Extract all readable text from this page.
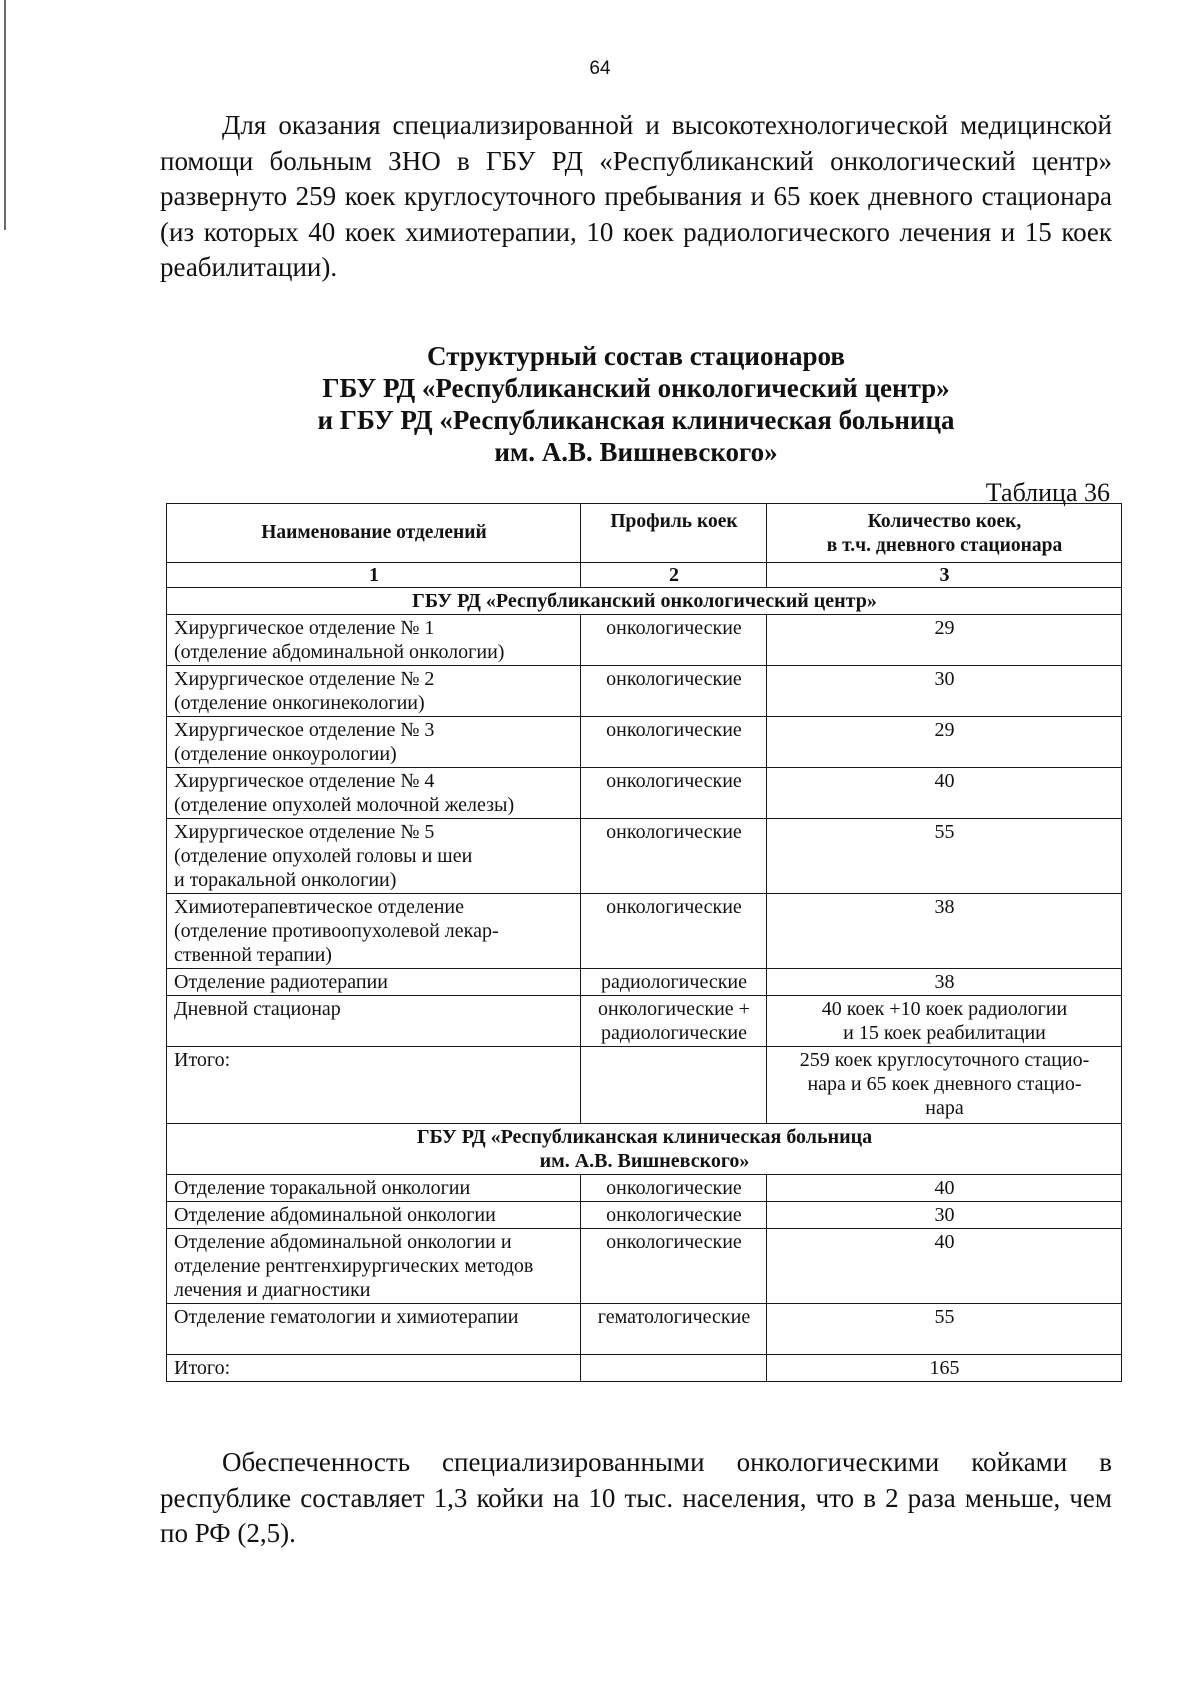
64

Для оказания специализированной и высокотехнологической медицинской помощи больным ЗНО в ГБУ РД «Республиканский онкологический центр» развернуто 259 коек круглосуточного пребывания и 65 коек дневного стационара (из которых 40 коек химиотерапии, 10 коек радиологического лечения и 15 коек реабилитации).

Структурный состав стационаров
ГБУ РД «Республиканский онкологический центр»
и ГБУ РД «Республиканская клиническая больница
им. А.В. Вишневского»
Таблица 36
Наименование отделений	Профиль коек	Количество коек,
в т.ч. дневного стационара

1	2	3

ГБУ РД «Республиканский онкологический центр»		

Хирургическое отделение № 1
(отделение абдоминальной онкологии)	онкологические	29

Хирургическое отделение № 2
(отделение онкогинекологии)	онкологические	30

Хирургическое отделение № 3
(отделение онкоурологии)	онкологические	29

Хирургическое отделение № 4
(отделение опухолей молочной железы)	онкологические	40

Хирургическое отделение № 5
(отделение опухолей головы и шеи
и торакальной онкологии)	онкологические	55

Химиотерапевтическое отделение
(отделение противоопухолевой лекар-
ственной терапии)	онкологические	38

Отделение радиотерапии	радиологические	38

Дневной стационар	онкологические +
радиологические	40 коек +10 коек радиологии
и 15 коек реабилитации

Итого:		259 коек круглосуточного стацио-
нара и 65 коек дневного стацио-
нара

ГБУ РД «Республиканская клиническая больница
им. А.В. Вишневского»		

Отделение торакальной онкологии	онкологические	40

Отделение абдоминальной онкологии	онкологические	30

Отделение абдоминальной онкологии и
отделение рентгенхирургических методов
лечения и диагностики	онкологические	40

Отделение гематологии и химиотерапии	гематологические	55

Итого:		165

Обеспеченность специализированными онкологическими койками в республике составляет 1,3 койки на 10 тыс. населения, что в 2 раза меньше, чем по РФ (2,5).
